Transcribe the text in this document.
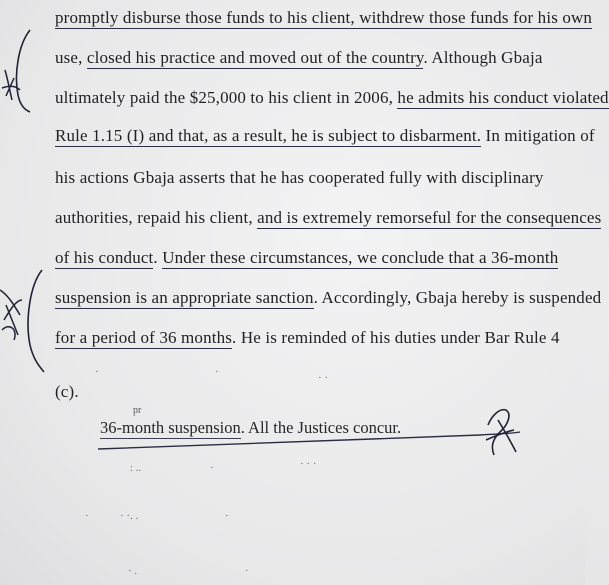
promptly disburse those funds to his client, withdrew those funds for his own
use, closed his practice and moved out of the country. Although Gbaja
ultimately paid the $25,000 to his client in 2006, he admits his conduct violated
Rule 1.15 (I) and that, as a result, he is subject to disbarment. In mitigation of
his actions Gbaja asserts that he has cooperated fully with disciplinary
authorities, repaid his client, and is extremely remorseful for the consequences
of his conduct. Under these circumstances, we conclude that a 36-month
suspension is an appropriate sanction. Accordingly, Gbaja hereby is suspended
for a period of 36 months. He is reminded of his duties under Bar Rule 4
(c).
36-month suspension. All the Justices concur.
pr
·	·	· ·
: ..	·	· · ·
·	· ·. .	·
· .	·
